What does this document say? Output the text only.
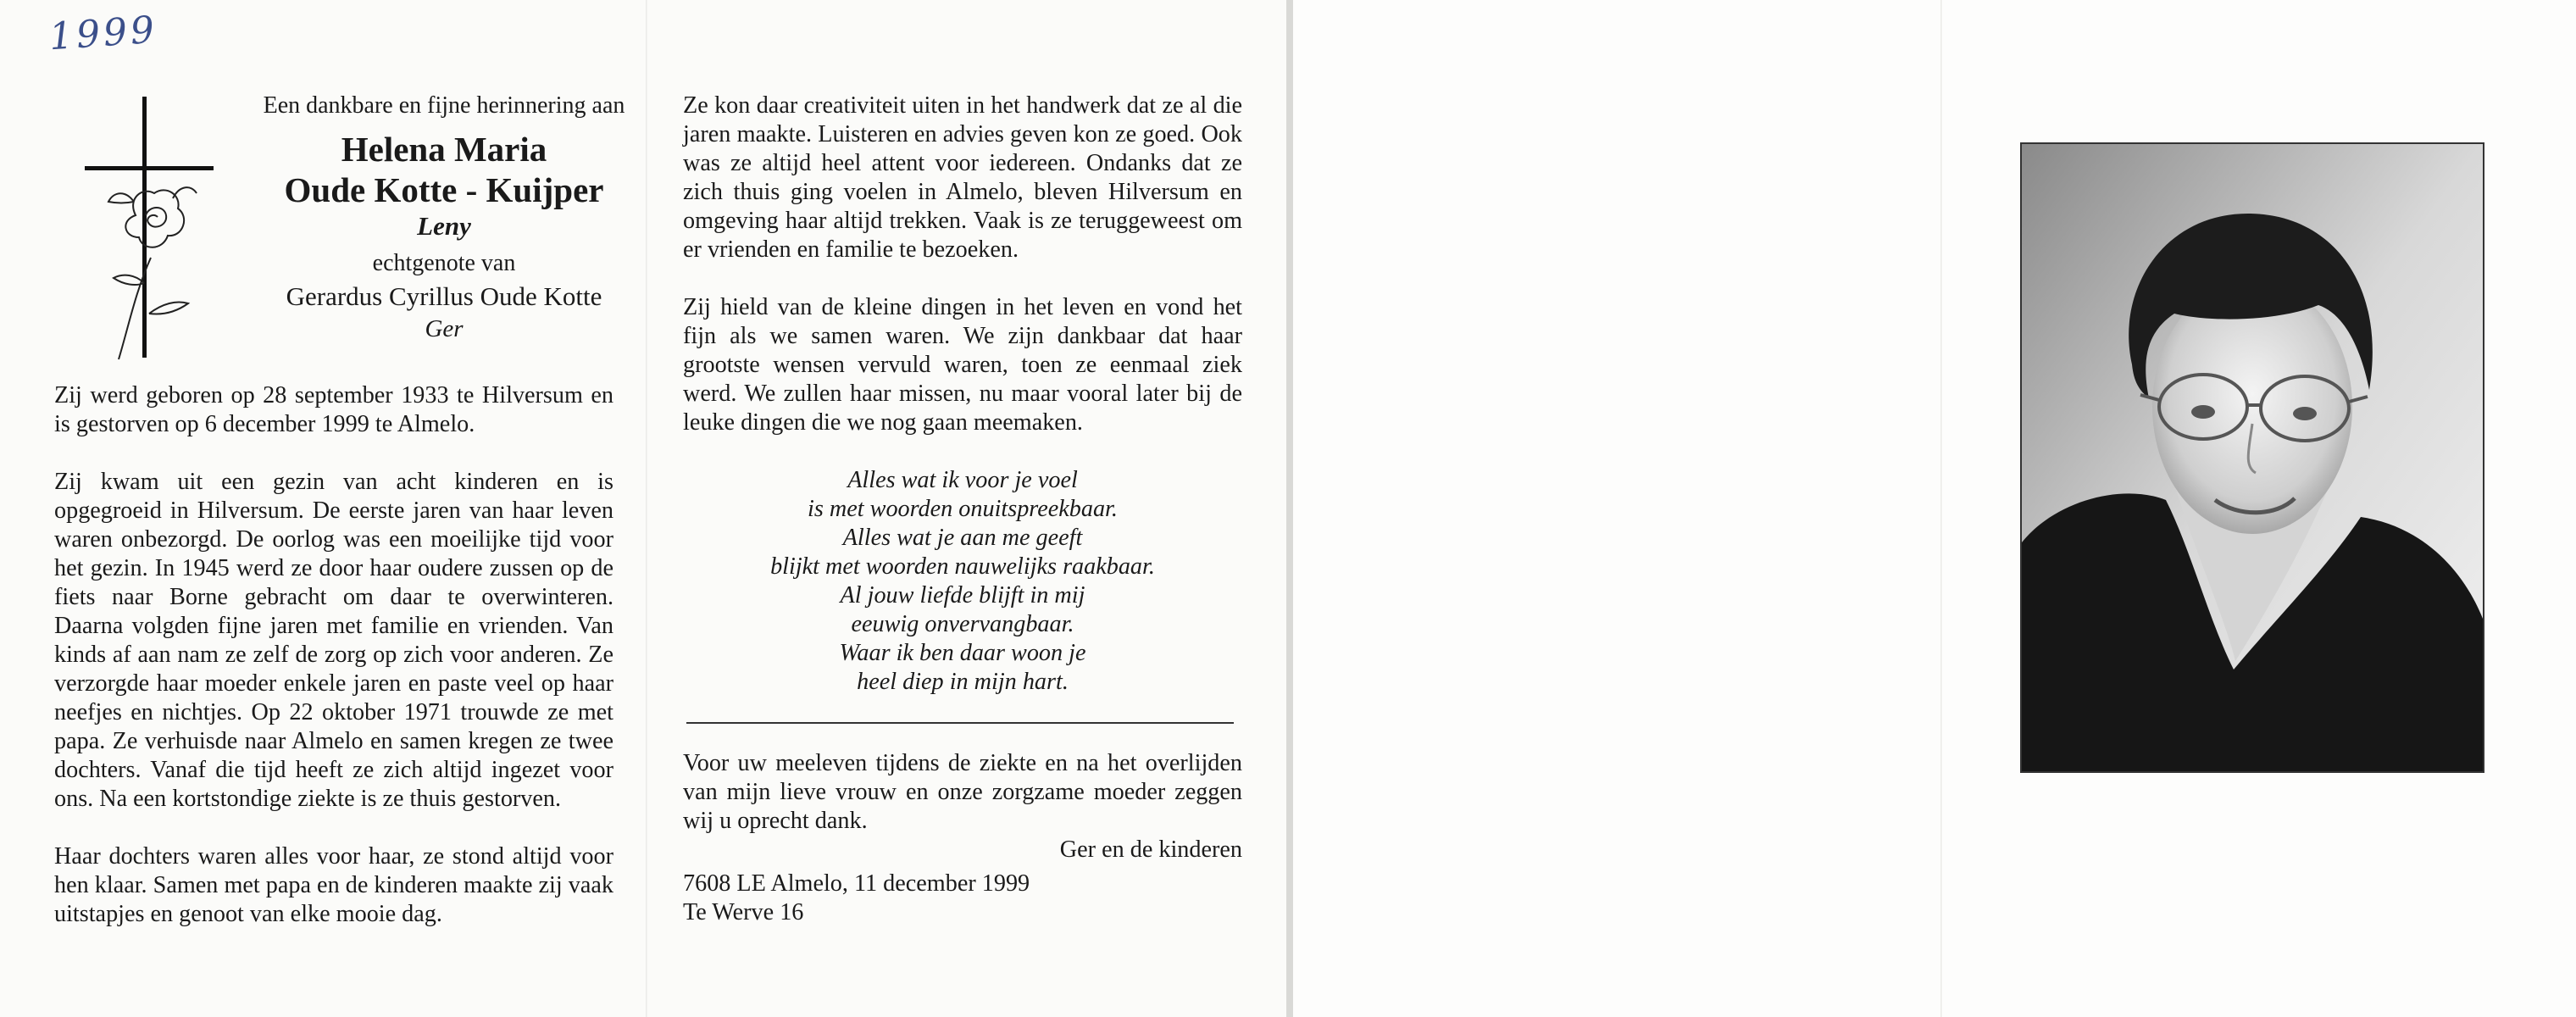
1999
Een dankbare en fijne herinnering aan
Helena Maria
Oude Kotte - Kuijper
Leny
echtgenote van
Gerardus Cyrillus Oude Kotte
Ger

Zij werd geboren op 28 september 1933 te Hilversum en is gestorven op 6 december 1999 te Almelo.

Zij kwam uit een gezin van acht kinderen en is opgegroeid in Hilversum. De eerste jaren van haar leven waren onbezorgd. De oorlog was een moeilijke tijd voor het gezin. In 1945 werd ze door haar oudere zussen op de fiets naar Borne gebracht om daar te overwinteren. Daarna volgden fijne jaren met familie en vrienden. Van kinds af aan nam ze zelf de zorg op zich voor anderen. Ze verzorgde haar moeder enkele jaren en paste veel op haar neefjes en nichtjes. Op 22 oktober 1971 trouwde ze met papa. Ze verhuisde naar Almelo en samen kregen ze twee dochters. Vanaf die tijd heeft ze zich altijd ingezet voor ons. Na een kortstondige ziekte is ze thuis gestorven.

Haar dochters waren alles voor haar, ze stond altijd voor hen klaar. Samen met papa en de kinderen maakte zij vaak uitstapjes en genoot van elke mooie dag.

Ze kon daar creativiteit uiten in het handwerk dat ze al die jaren maakte. Luisteren en advies geven kon ze goed. Ook was ze altijd heel attent voor iedereen. Ondanks dat ze zich thuis ging voelen in Almelo, bleven Hilversum en omgeving haar altijd trekken. Vaak is ze teruggeweest om er vrienden en familie te bezoeken.

Zij hield van de kleine dingen in het leven en vond het fijn als we samen waren. We zijn dankbaar dat haar grootste wensen vervuld waren, toen ze eenmaal ziek werd. We zullen haar missen, nu maar vooral later bij de leuke dingen die we nog gaan meemaken.

Alles wat ik voor je voel
is met woorden onuitspreekbaar.
Alles wat je aan me geeft
blijkt met woorden nauwelijks raakbaar.
Al jouw liefde blijft in mij
eeuwig onvervangbaar.
Waar ik ben daar woon je
heel diep in mijn hart.

Voor uw meeleven tijdens de ziekte en na het overlijden van mijn lieve vrouw en onze zorgzame moeder zeggen wij u oprecht dank.

Ger en de kinderen
7608 LE Almelo, 11 december 1999
Te Werve 16
